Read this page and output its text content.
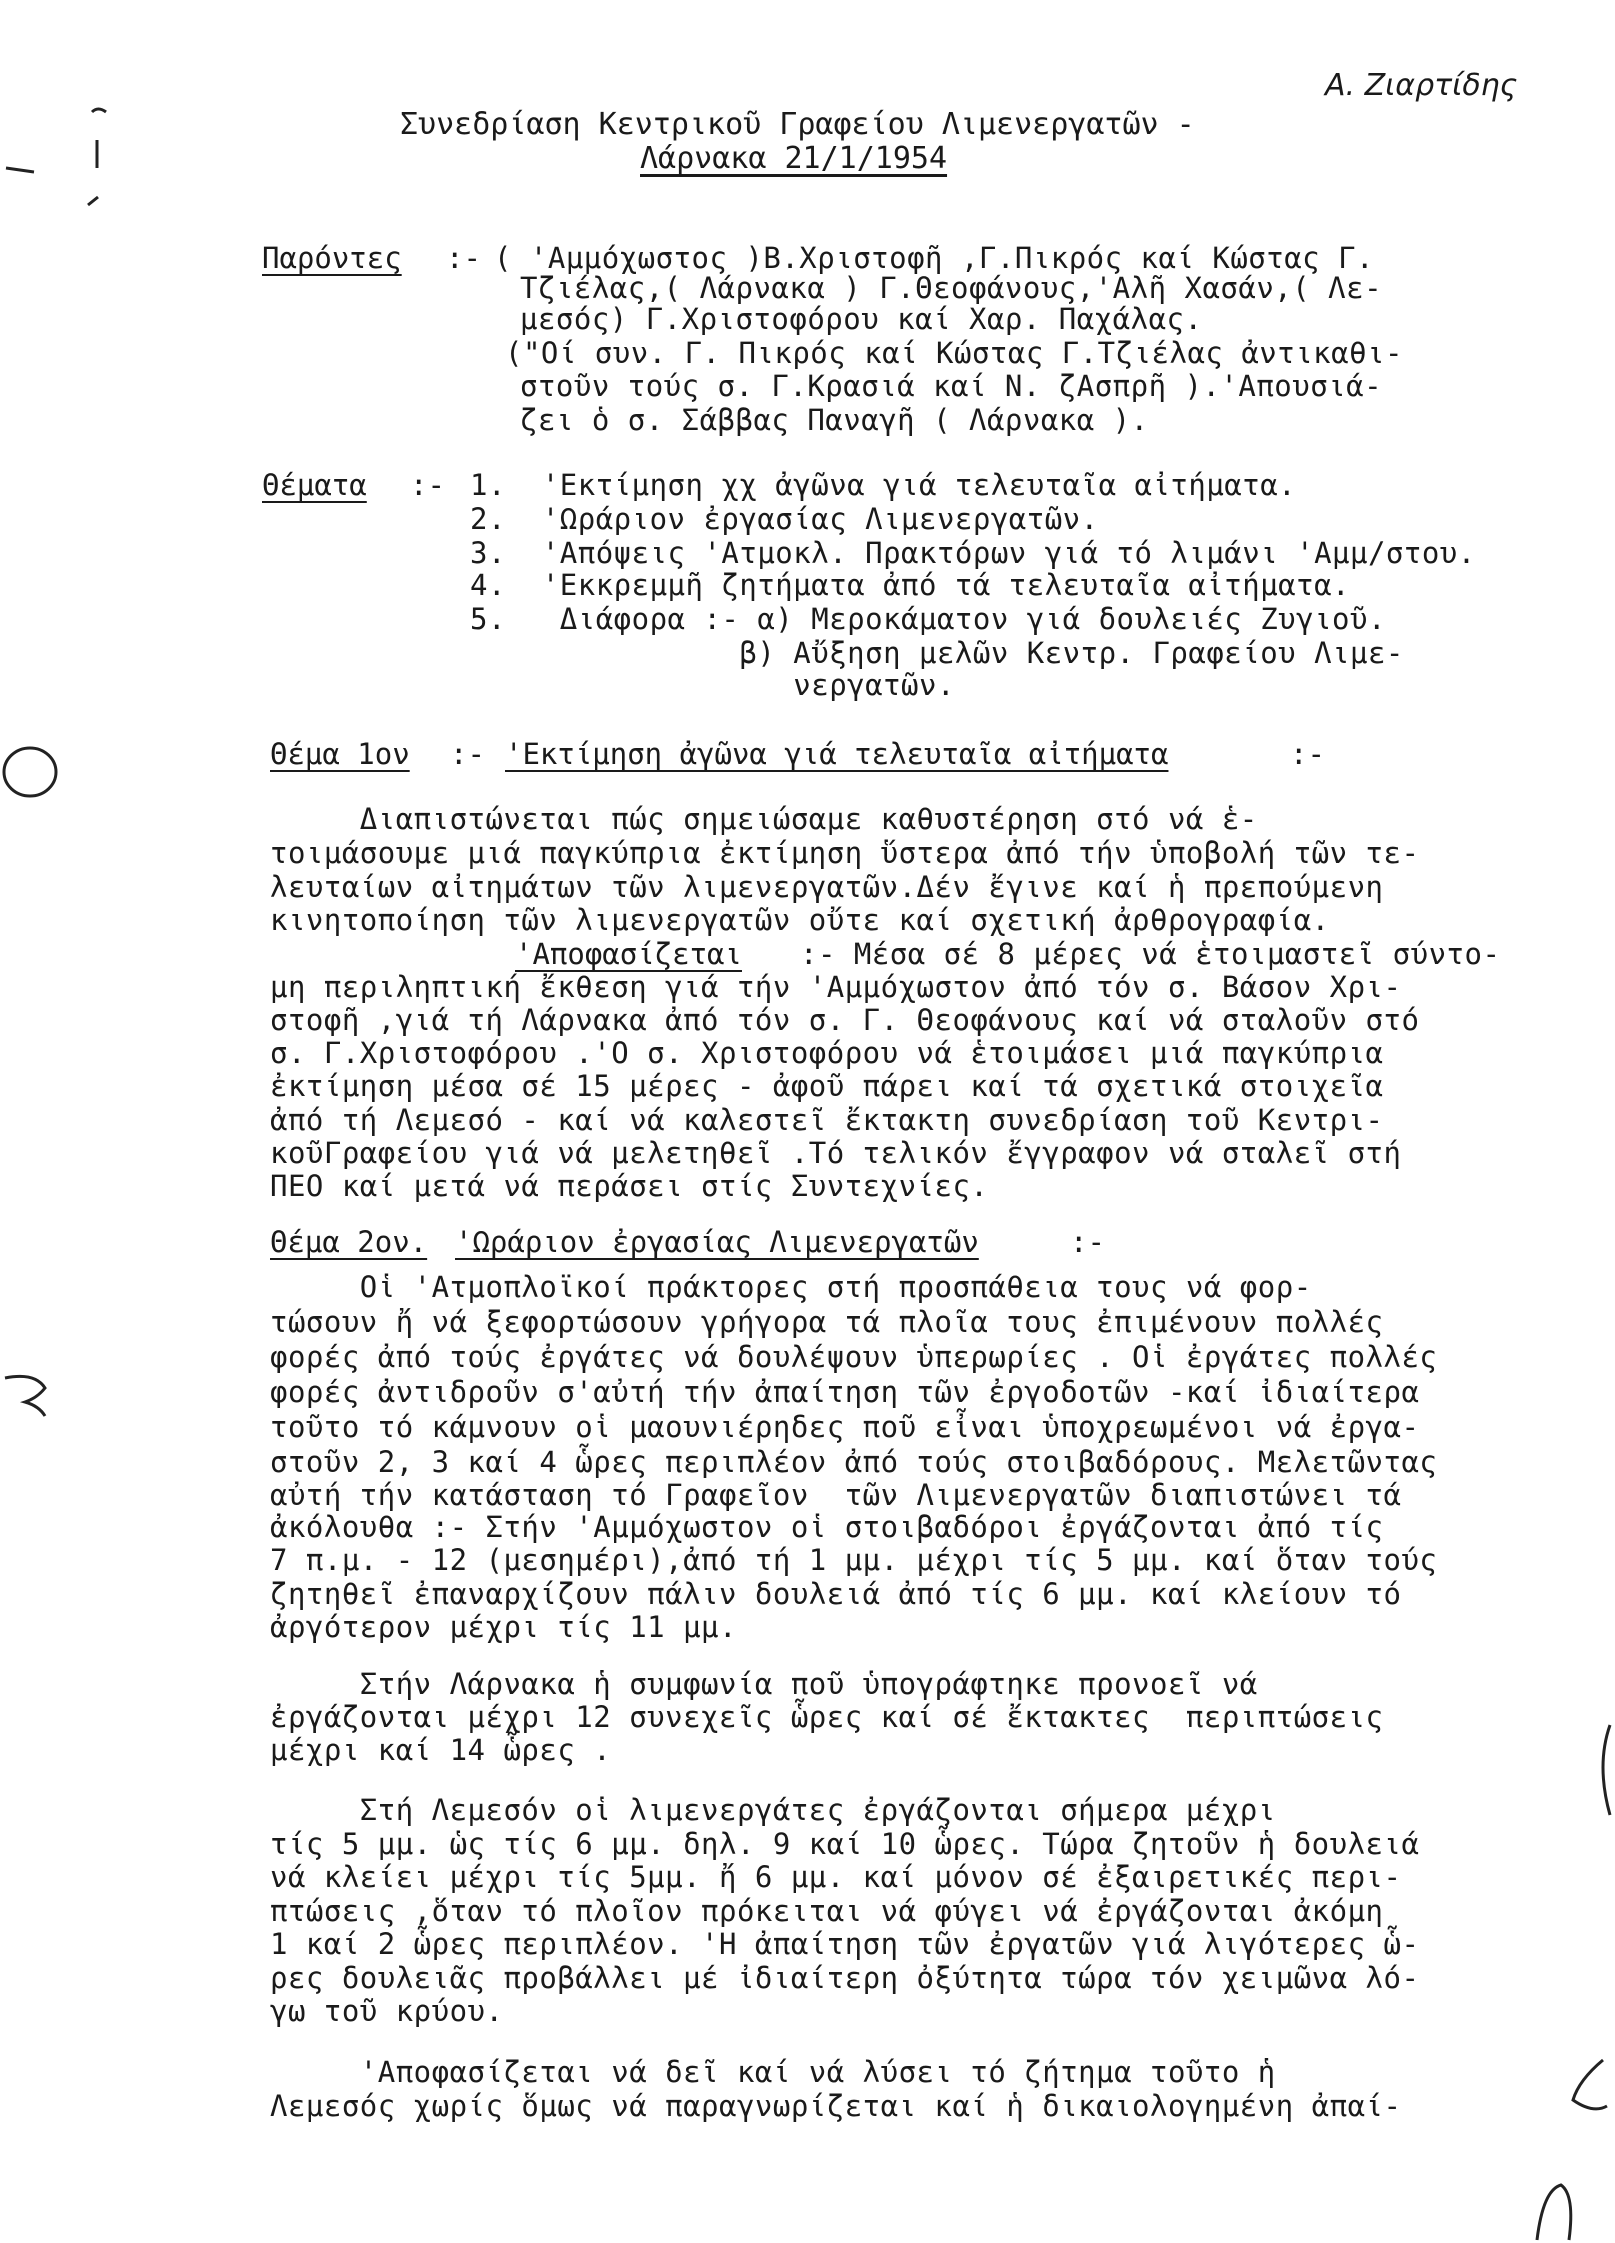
Α. Ζιαρτίδης
Συνεδρίαση Κεντρικοῦ Γραφείου Λιμενεργατῶν -
Λάρνακα 21/1/1954
Παρόντες :- ( 'Αμμόχωστος )Β.Χριστοφῆ ,Γ.Πικρός καί Κώστας Γ.
Τζιέλας,( Λάρνακα ) Γ.Θεοφάνους,'Αλῆ Χασάν,( Λε-
μεσός) Γ.Χριστοφόρου καί Χαρ. Παχάλας.
("Οί συν. Γ. Πικρός καί Κώστας Γ.Τζιέλας ἀντικαθι-
στοῦν τούς σ. Γ.Κρασιά καί Ν. ζΑσπρῆ ).'Απουσιά-
ζει ὁ σ. Σάββας Παναγῆ ( Λάρνακα ).
Θέματα :- 1.  'Εκτίμηση χχ ἀγῶνα γιά τελευταῖα αἰτήματα.
2.  'Ωράριον ἐργασίας Λιμενεργατῶν.
3.  'Απόψεις 'Ατμοκλ. Πρακτόρων γιά τό λιμάνι 'Αμμ/στου.
4.  'Εκκρεμμῆ ζητήματα ἀπό τά τελευταῖα αἰτήματα.
5.   Διάφορα :- α) Μεροκάματον γιά δουλειές Ζυγιοῦ.
β) Αὔξηση μελῶν Κεντρ. Γραφείου Λιμε-
νεργατῶν.
Θέμα 1ον :- 'Εκτίμηση ἀγῶνα γιά τελευταῖα αἰτήματα	:-
Διαπιστώνεται πώς σημειώσαμε καθυστέρηση στό νά ἑ-
τοιμάσουμε μιά παγκύπρια ἐκτίμηση ὕστερα ἀπό τήν ὑποβολή τῶν τε-
λευταίων αἰτημάτων τῶν λιμενεργατῶν.Δέν ἔγινε καί ἡ πρεπούμενη
κινητοποίηση τῶν λιμενεργατῶν οὔτε καί σχετική ἀρθρογραφία.
'Αποφασίζεται :- Μέσα σέ 8 μέρες νά ἑτοιμαστεῖ σύντο-
μη περιληπτική ἔκθεση γιά τήν 'Αμμόχωστον ἀπό τόν σ. Βάσον Χρι-
στοφῆ ,γιά τή Λάρνακα ἀπό τόν σ. Γ. Θεοφάνους καί νά σταλοῦν στό
σ. Γ.Χριστοφόρου .'Ο σ. Χριστοφόρου νά ἑτοιμάσει μιά παγκύπρια
ἐκτίμηση μέσα σέ 15 μέρες - ἀφοῦ πάρει καί τά σχετικά στοιχεῖα
ἀπό τή Λεμεσό - καί νά καλεστεῖ ἔκτακτη συνεδρίαση τοῦ Κεντρι-
κοῦΓραφείου γιά νά μελετηθεῖ .Τό τελικόν ἔγγραφον νά σταλεῖ στή
ΠΕΟ καί μετά νά περάσει στίς Συντεχνίες.
Θέμα 2ον. 'Ωράριον ἐργασίας Λιμενεργατῶν	:-
Οἱ 'Ατμοπλοϊκοί πράκτορες στή προσπάθεια τους νά φορ-
τώσουν ἤ νά ξεφορτώσουν γρήγορα τά πλοῖα τους ἐπιμένουν πολλές
φορές ἀπό τούς ἐργάτες νά δουλέψουν ὑπερωρίες . Οἱ ἐργάτες πολλές
φορές ἀντιδροῦν σ'αὐτή τήν ἀπαίτηση τῶν ἐργοδοτῶν -καί ἰδιαίτερα
τοῦτο τό κάμνουν οἱ μαουνιέρηδες ποῦ εἶναι ὑποχρεωμένοι νά ἐργα-
στοῦν 2, 3 καί 4 ὧρες περιπλέον ἀπό τούς στοιβαδόρους. Μελετῶντας
αὐτή τήν κατάσταση τό Γραφεῖον  τῶν Λιμενεργατῶν διαπιστώνει τά
ἀκόλουθα :- Στήν 'Αμμόχωστον οἱ στοιβαδόροι ἐργάζονται ἀπό τίς
7 π.μ. - 12 (μεσημέρι),ἀπό τή 1 μμ. μέχρι τίς 5 μμ. καί ὅταν τούς
ζητηθεῖ ἐπαναρχίζουν πάλιν δουλειά ἀπό τίς 6 μμ. καί κλείουν τό
ἀργότερον μέχρι τίς 11 μμ.
Στήν Λάρνακα ἡ συμφωνία ποῦ ὑπογράφτηκε προνοεῖ νά
ἐργάζονται μέχρι 12 συνεχεῖς ὧρες καί σέ ἔκτακτες  περιπτώσεις
μέχρι καί 14 ὧρες .
Στή Λεμεσόν οἱ λιμενεργάτες ἐργάζονται σήμερα μέχρι
τίς 5 μμ. ὡς τίς 6 μμ. δηλ. 9 καί 10 ὧρες. Τώρα ζητοῦν ἡ δουλειά
νά κλείει μέχρι τίς 5μμ. ἤ 6 μμ. καί μόνον σέ ἐξαιρετικές περι-
πτώσεις ,ὅταν τό πλοῖον πρόκειται νά φύγει νά ἐργάζονται ἀκόμη
1 καί 2 ὧρες περιπλέον. 'Η ἀπαίτηση τῶν ἐργατῶν γιά λιγότερες ὧ-
ρες δουλειᾶς προβάλλει μέ ἰδιαίτερη ὀξύτητα τώρα τόν χειμῶνα λό-
γω τοῦ κρύου.
'Αποφασίζεται νά δεῖ καί νά λύσει τό ζήτημα τοῦτο ἡ
Λεμεσός χωρίς ὅμως νά παραγνωρίζεται καί ἡ δικαιολογημένη ἀπαί-
